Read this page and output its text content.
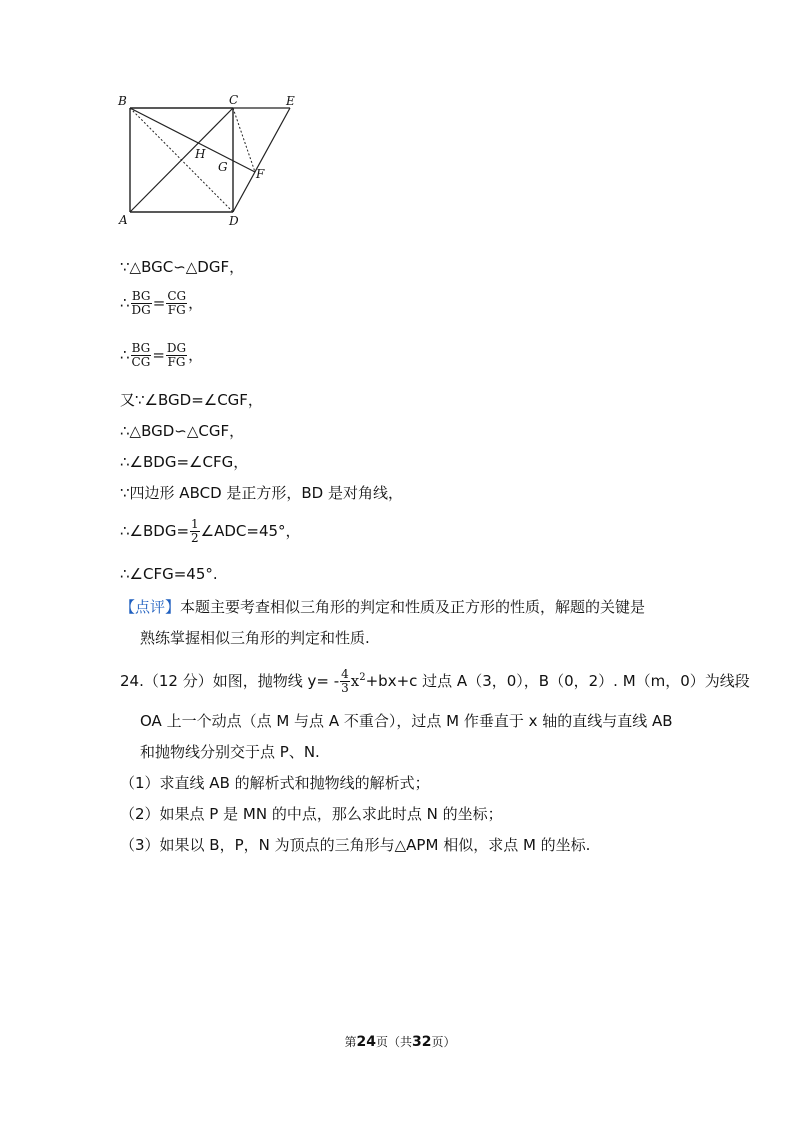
B	C	E
H
G F
A	D
∵△BGC∽△DGF，
∴ $\frac{BG}{DG} = \frac{CG}{FG}$ ，
∴ $\frac{BG}{CG} = \frac{DG}{FG}$ ，
又∵∠BGD=∠CGF，
∴△BGD∽△CGF，
∴∠BDG=∠CFG，
∵四边形 ABCD 是正方形，BD 是对角线，
∴∠BDG= $\frac{1}{2}$ ∠ADC=45°，
∴∠CFG=45°.
【点评】本题主要考查相似三角形的判定和性质及正方形的性质，解题的关键是
熟练掌握相似三角形的判定和性质.
24.（12 分）如图，抛物线 $y= - \frac{4}{3} x^2+bx+c$ 过点 A（3，0），B（0，2）. M（m，0）为线段
OA 上一个动点（点 M 与点 A 不重合），过点 M 作垂直于 x 轴的直线与直线 AB
和抛物线分别交于点 P、N.
（1）求直线 AB 的解析式和抛物线的解析式；
（2）如果点 P 是 MN 的中点，那么求此时点 N 的坐标；
（3）如果以 B，P，N 为顶点的三角形与△APM 相似，求点 M 的坐标.
第24页（共32页）
